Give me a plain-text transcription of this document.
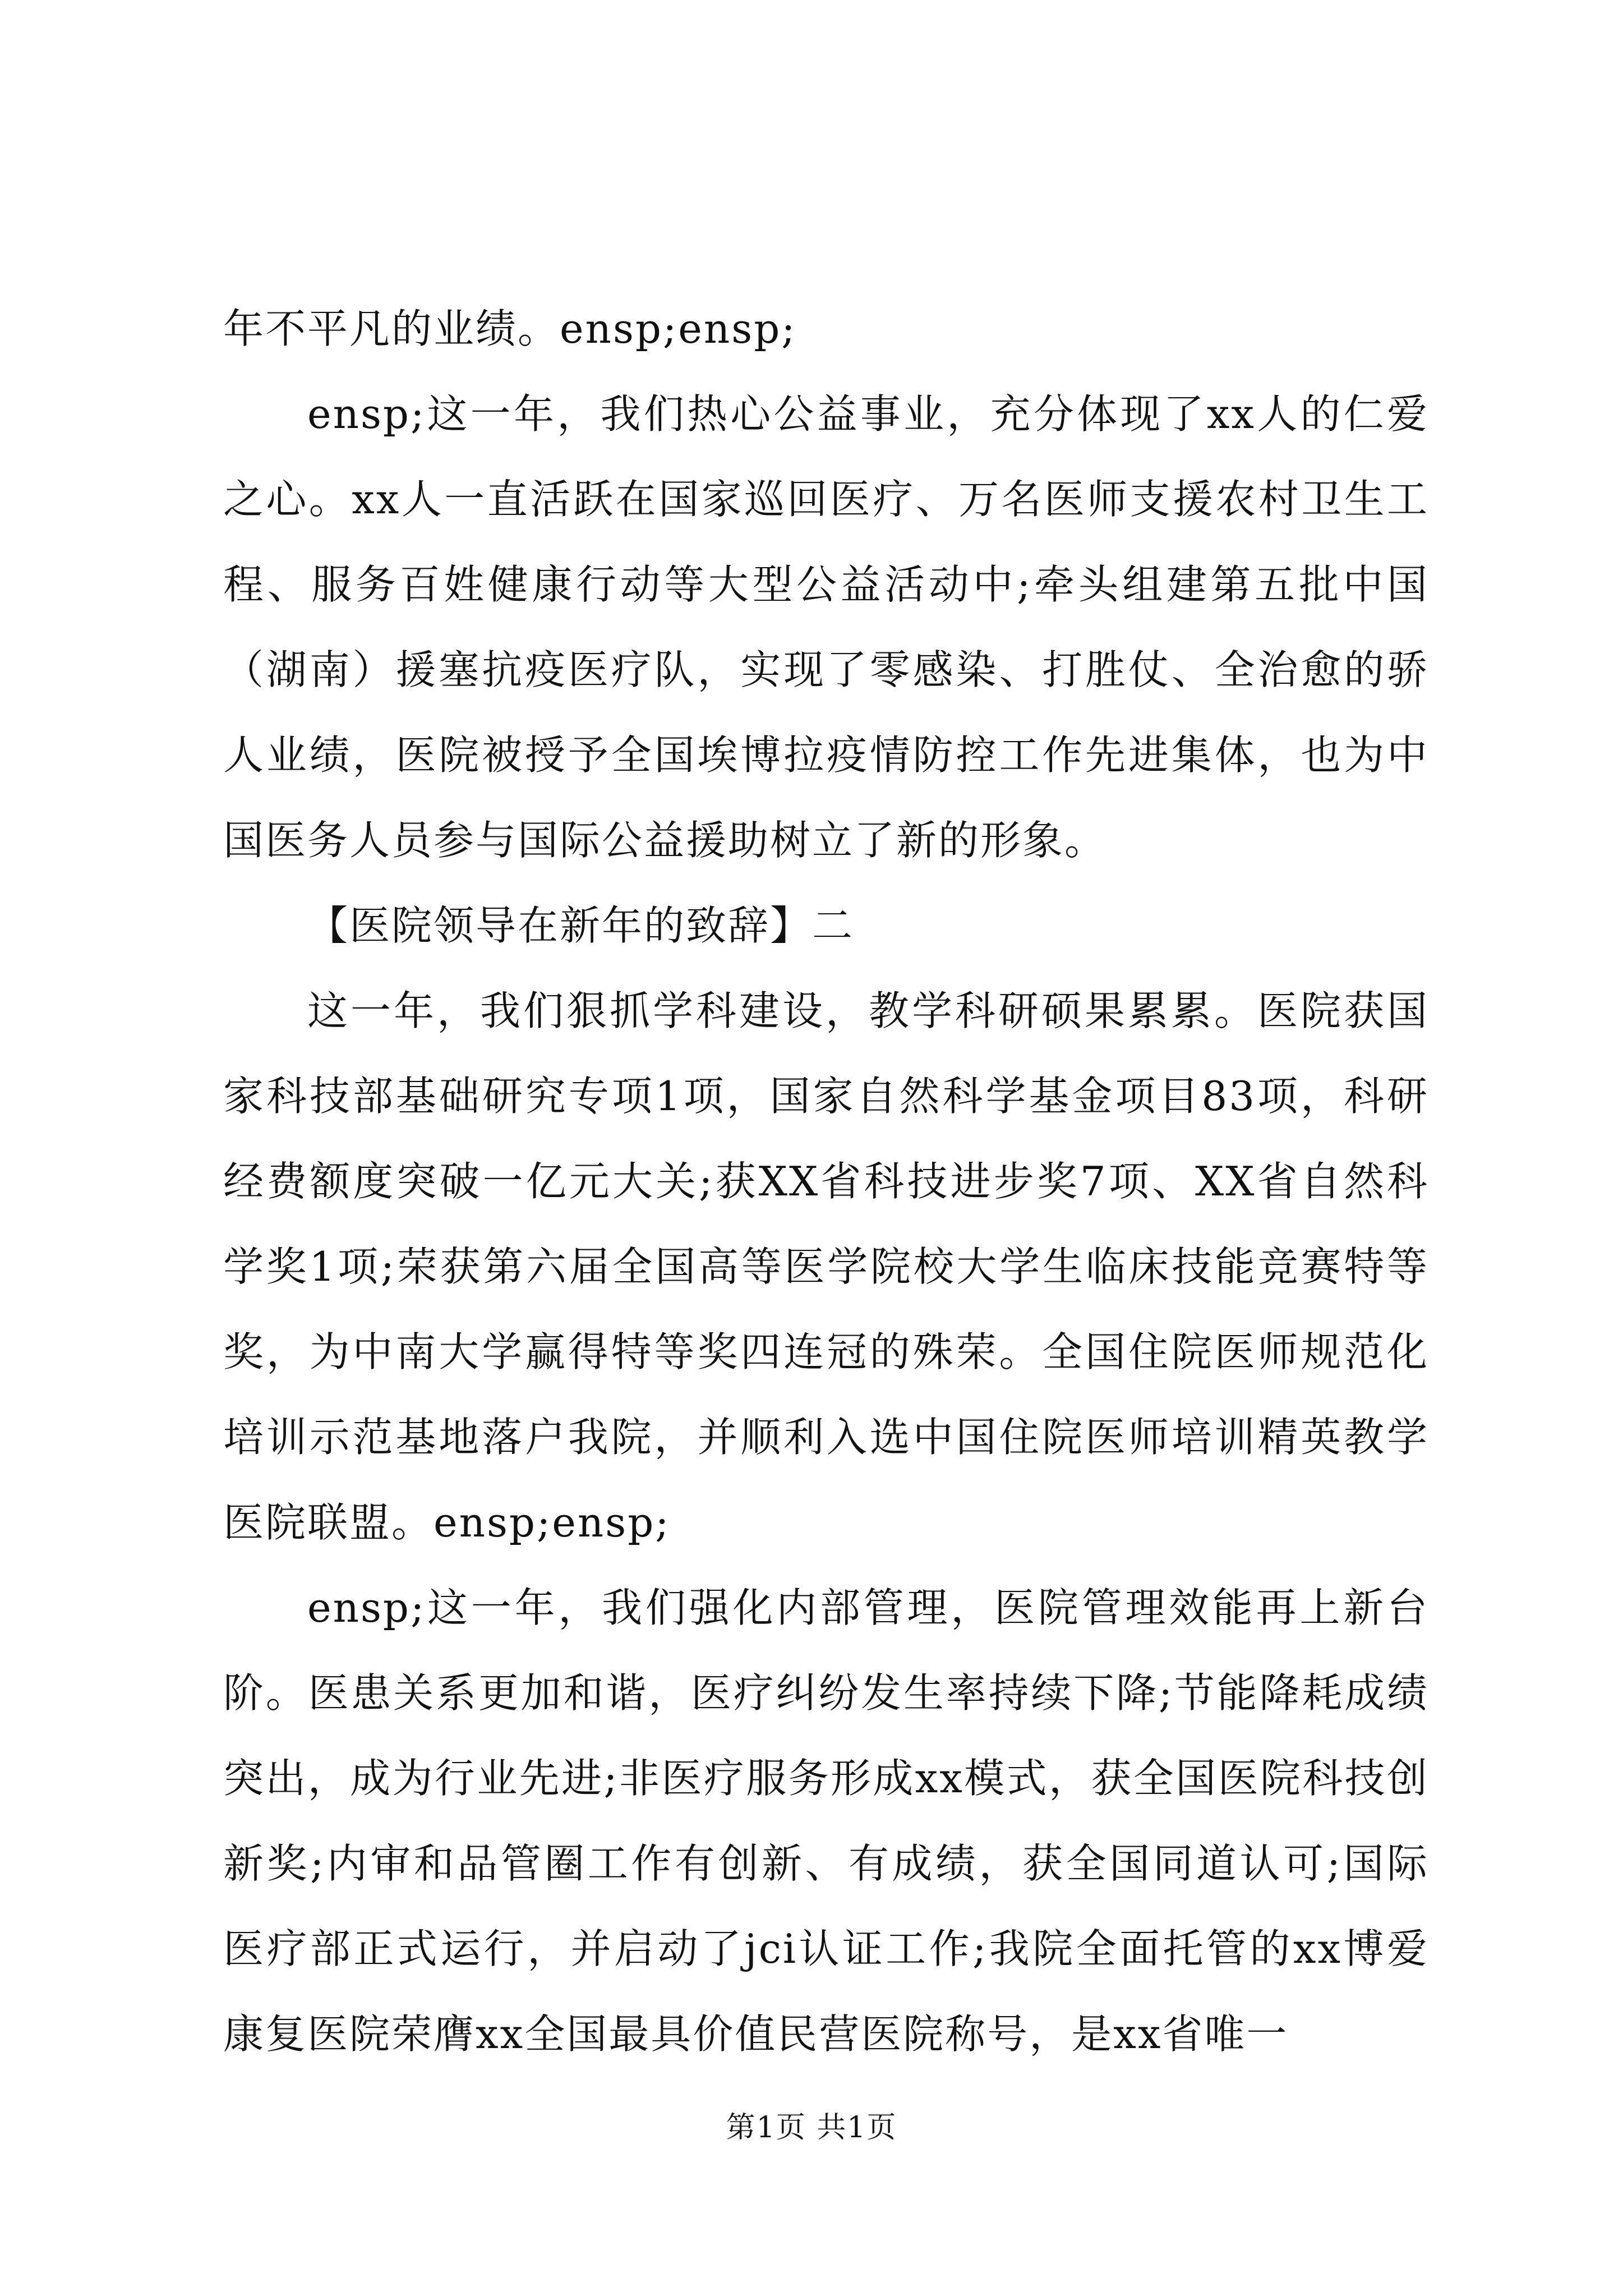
年不平凡的业绩。ensp;ensp;

ensp;这一年，我们热心公益事业，充分体现了xx人的仁爱之心。xx人一直活跃在国家巡回医疗、万名医师支援农村卫生工程、服务百姓健康行动等大型公益活动中;牵头组建第五批中国（湖南）援塞抗疫医疗队，实现了零感染、打胜仗、全治愈的骄人业绩，医院被授予全国埃博拉疫情防控工作先进集体，也为中国医务人员参与国际公益援助树立了新的形象。

【医院领导在新年的致辞】二

这一年，我们狠抓学科建设，教学科研硕果累累。医院获国家科技部基础研究专项1项，国家自然科学基金项目83项，科研经费额度突破一亿元大关;获XX省科技进步奖7项、XX省自然科学奖1项;荣获第六届全国高等医学院校大学生临床技能竞赛特等奖，为中南大学赢得特等奖四连冠的殊荣。全国住院医师规范化培训示范基地落户我院，并顺利入选中国住院医师培训精英教学医院联盟。ensp;ensp;

ensp;这一年，我们强化内部管理，医院管理效能再上新台阶。医患关系更加和谐，医疗纠纷发生率持续下降;节能降耗成绩突出，成为行业先进;非医疗服务形成xx模式，获全国医院科技创新奖;内审和品管圈工作有创新、有成绩，获全国同道认可;国际医疗部正式运行，并启动了jci认证工作;我院全面托管的xx博爱康复医院荣膺xx全国最具价值民营医院称号，是xx省唯一

第1页 共1页
